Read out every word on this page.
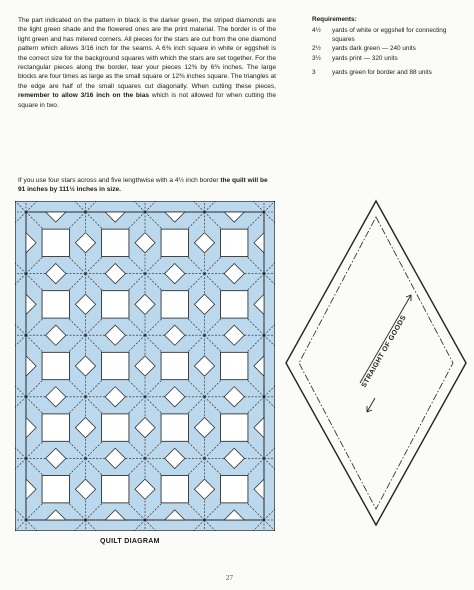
The part indicated on the pattern in black is the darker green, the striped diamonds are the light green shade and the flowered ones are the print material. The border is of the light green and has mitered corners. All pieces for the stars are cut from the one diamond pattern which allows 3/16 inch for the seams. A 6⅜ inch square in white or eggshell is the correct size for the background squares with which the stars are set together. For the rectangular pieces along the border, tear your pieces 12⅜ by 6⅜ inches. The large blocks are four times as large as the small square or 12⅜ inches square. The triangles at the edge are half of the small squares cut diagonally. When cutting these pieces, remember to allow 3/16 inch on the bias which is not allowed for when cutting the square in two.
If you use four stars across and five lengthwise with a 4½ inch border the quilt will be 91 inches by 111½ inches in size.
Requirements:
4½	yards of white or eggshell for connecting squares
2½	yards dark green — 240 units
3½	yards print — 320 units
3	yards green for border and 88 units
QUILT DIAGRAM
STRAIGHT OF GOODS
27
